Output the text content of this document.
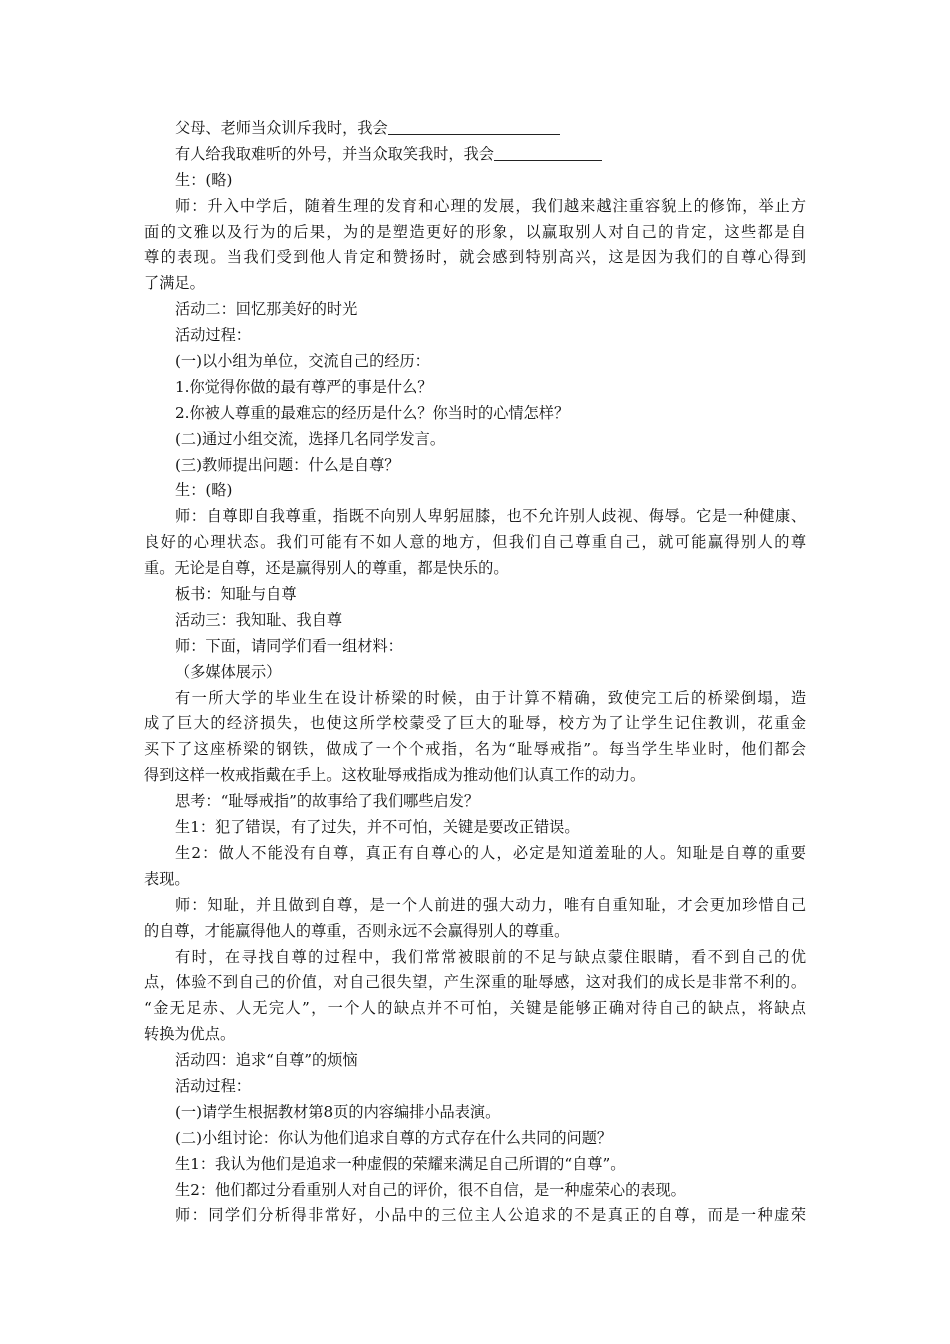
父母、老师当众训斥我时，我会
有人给我取难听的外号，并当众取笑我时，我会
生：(略)
师：升入中学后，随着生理的发育和心理的发展，我们越来越注重容貌上的修饰，举止方
面的文雅以及行为的后果，为的是塑造更好的形象，以赢取别人对自己的肯定，这些都是自
尊的表现。当我们受到他人肯定和赞扬时，就会感到特别高兴，这是因为我们的自尊心得到
了满足。
活动二：回忆那美好的时光
活动过程：
(一)以小组为单位，交流自己的经历：
1.你觉得你做的最有尊严的事是什么？
2.你被人尊重的最难忘的经历是什么？你当时的心情怎样？
(二)通过小组交流，选择几名同学发言。
(三)教师提出问题：什么是自尊？
生：(略)
师：自尊即自我尊重，指既不向别人卑躬屈膝，也不允许别人歧视、侮辱。它是一种健康、
良好的心理状态。我们可能有不如人意的地方，但我们自己尊重自己，就可能赢得别人的尊
重。无论是自尊，还是赢得别人的尊重，都是快乐的。
板书：知耻与自尊
活动三：我知耻、我自尊
师：下面，请同学们看一组材料：
（多媒体展示）
有一所大学的毕业生在设计桥梁的时候，由于计算不精确，致使完工后的桥梁倒塌，造
成了巨大的经济损失，也使这所学校蒙受了巨大的耻辱，校方为了让学生记住教训，花重金
买下了这座桥梁的钢铁，做成了一个个戒指，名为“耻辱戒指”。每当学生毕业时，他们都会
得到这样一枚戒指戴在手上。这枚耻辱戒指成为推动他们认真工作的动力。
思考：“耻辱戒指”的故事给了我们哪些启发？
生1：犯了错误，有了过失，并不可怕，关键是要改正错误。
生2：做人不能没有自尊，真正有自尊心的人，必定是知道羞耻的人。知耻是自尊的重要
表现。
师：知耻，并且做到自尊，是一个人前进的强大动力，唯有自重知耻，才会更加珍惜自己
的自尊，才能赢得他人的尊重，否则永远不会赢得别人的尊重。
有时，在寻找自尊的过程中，我们常常被眼前的不足与缺点蒙住眼睛，看不到自己的优
点，体验不到自己的价值，对自己很失望，产生深重的耻辱感，这对我们的成长是非常不利的。
“金无足赤、人无完人”，一个人的缺点并不可怕，关键是能够正确对待自己的缺点，将缺点
转换为优点。
活动四：追求“自尊”的烦恼
活动过程：
(一)请学生根据教材第8页的内容编排小品表演。
(二)小组讨论：你认为他们追求自尊的方式存在什么共同的问题？
生1：我认为他们是追求一种虚假的荣耀来满足自己所谓的“自尊”。
生2：他们都过分看重别人对自己的评价，很不自信，是一种虚荣心的表现。
师：同学们分析得非常好，小品中的三位主人公追求的不是真正的自尊，而是一种虚荣
